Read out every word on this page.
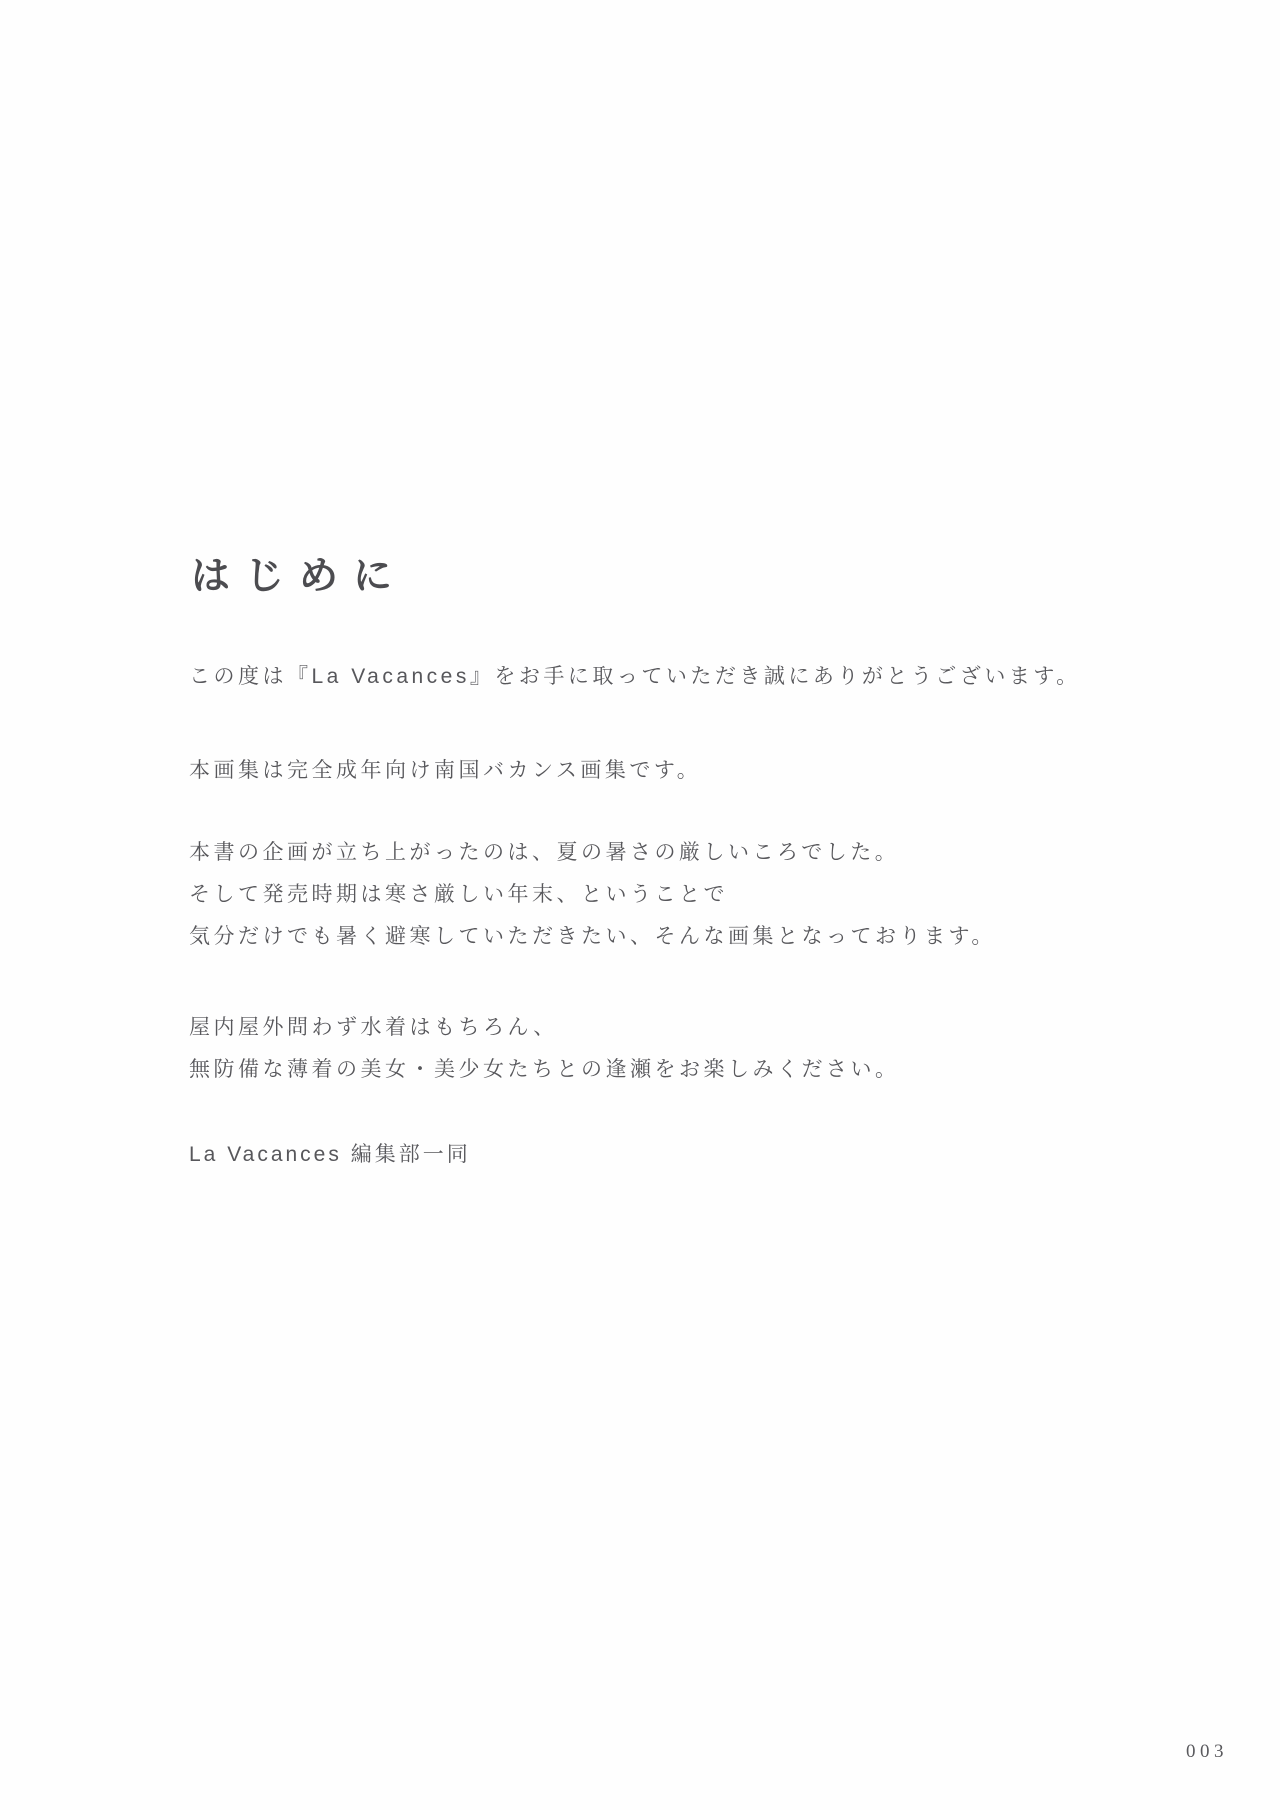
はじめに

この度は『La Vacances』をお手に取っていただき誠にありがとうございます。

本画集は完全成年向け南国バカンス画集です。

本書の企画が立ち上がったのは、夏の暑さの厳しいころでした。
そして発売時期は寒さ厳しい年末、ということで
気分だけでも暑く避寒していただきたい、そんな画集となっております。
屋内屋外問わず水着はもちろん、
無防備な薄着の美女・美少女たちとの逢瀬をお楽しみください。

La Vacances 編集部一同

003
